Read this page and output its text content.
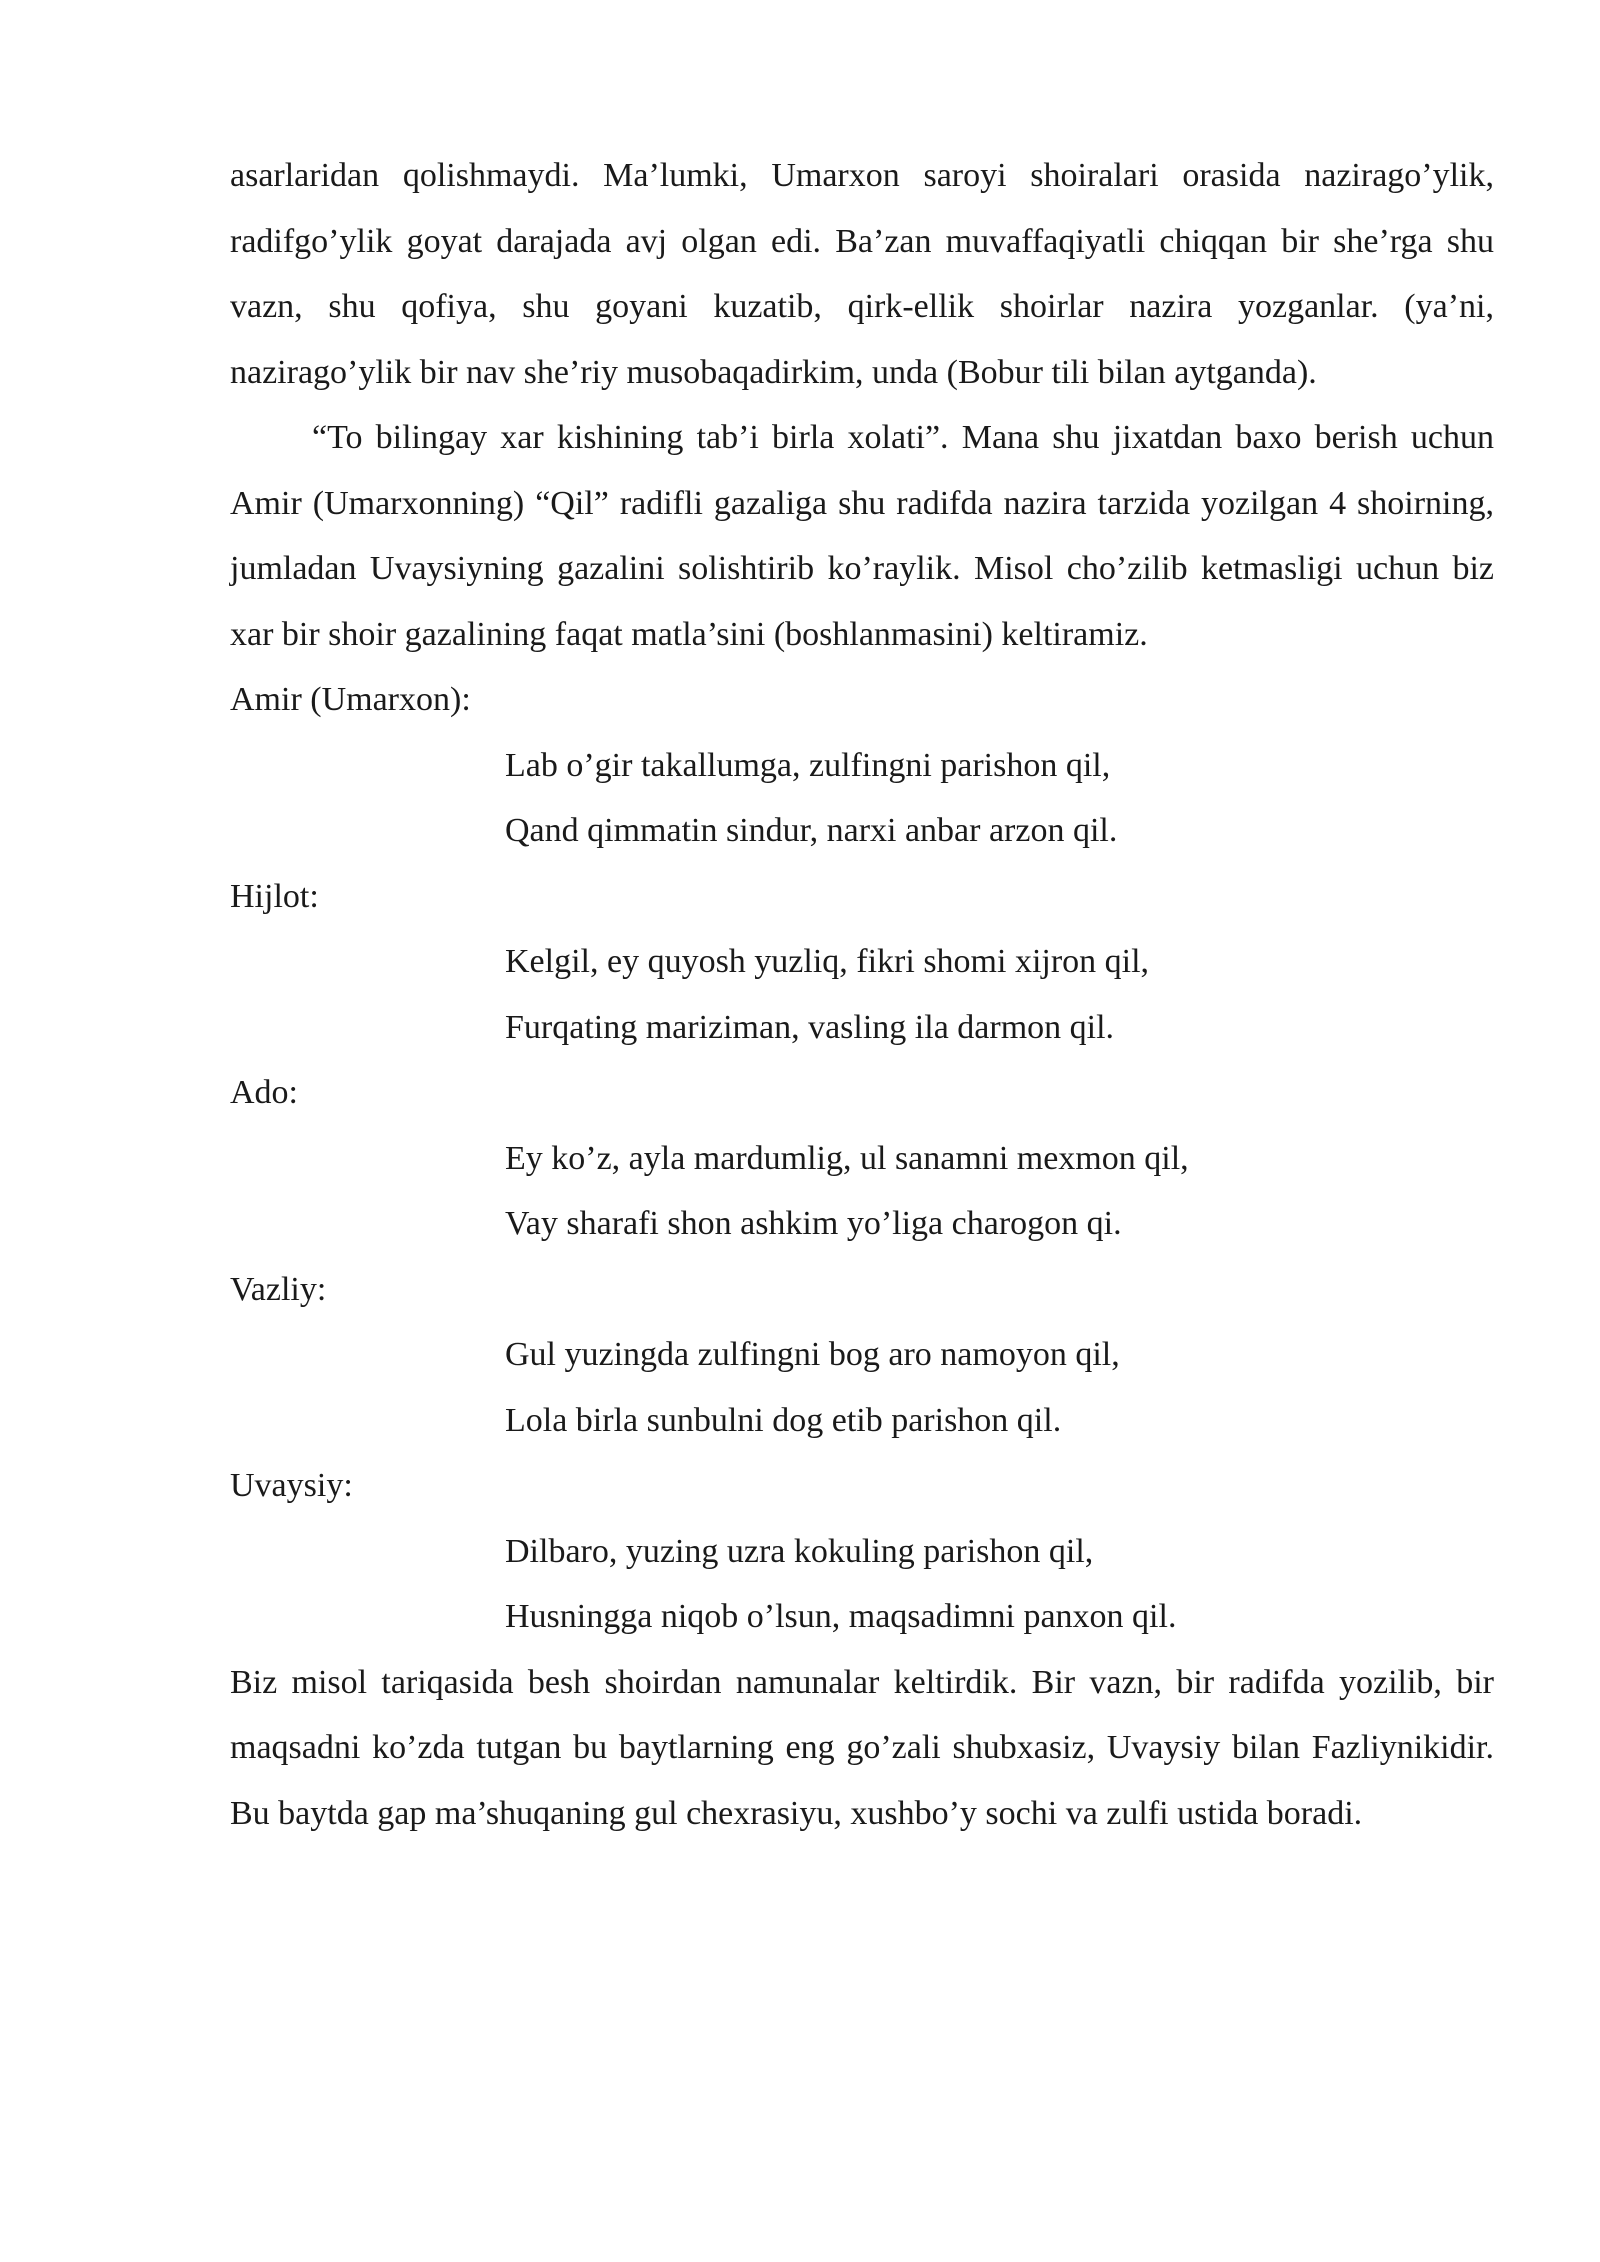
asarlaridan qolishmaydi. Ma’lumki, Umarxon saroyi shoiralari orasida nazirago’ylik, radifgo’ylik goyat darajada avj olgan edi. Ba’zan muvaffaqiyatli chiqqan bir she’rga shu vazn, shu qofiya, shu goyani kuzatib, qirk-ellik shoirlar nazira yozganlar. (ya’ni, nazirago’ylik bir nav she’riy musobaqadirkim, unda (Bobur tili bilan aytganda).

“To bilingay xar kishining tab’i birla xolati”. Mana shu jixatdan baxo berish uchun Amir (Umarxonning) “Qil” radifli gazaliga shu radifda nazira tarzida yozilgan 4 shoirning, jumladan Uvaysiyning gazalini solishtirib ko’raylik. Misol cho’zilib ketmasligi uchun biz xar bir shoir gazalining faqat matla’sini (boshlanmasini) keltiramiz.

Amir (Umarxon):

Lab o’gir takallumga, zulfingni parishon qil,

Qand qimmatin sindur, narxi anbar arzon qil.

Hijlot:

Kelgil, ey quyosh yuzliq, fikri shomi xijron qil,

Furqating mariziman, vasling ila darmon qil.

Ado:

Ey ko’z, ayla mardumlig, ul sanamni mexmon qil,

Vay sharafi shon ashkim yo’liga charogon qi.

Vazliy:

Gul yuzingda zulfingni bog aro namoyon qil,

Lola birla sunbulni dog etib parishon qil.

Uvaysiy:

Dilbaro, yuzing uzra kokuling parishon qil,

Husningga niqob o’lsun, maqsadimni panxon qil.

Biz misol tariqasida besh shoirdan namunalar keltirdik. Bir vazn, bir radifda yozilib, bir maqsadni ko’zda tutgan bu baytlarning eng go’zali shubxasiz, Uvaysiy bilan Fazliynikidir. Bu baytda gap ma’shuqaning gul chexrasiyu, xushbo’y sochi va zulfi ustida boradi.
